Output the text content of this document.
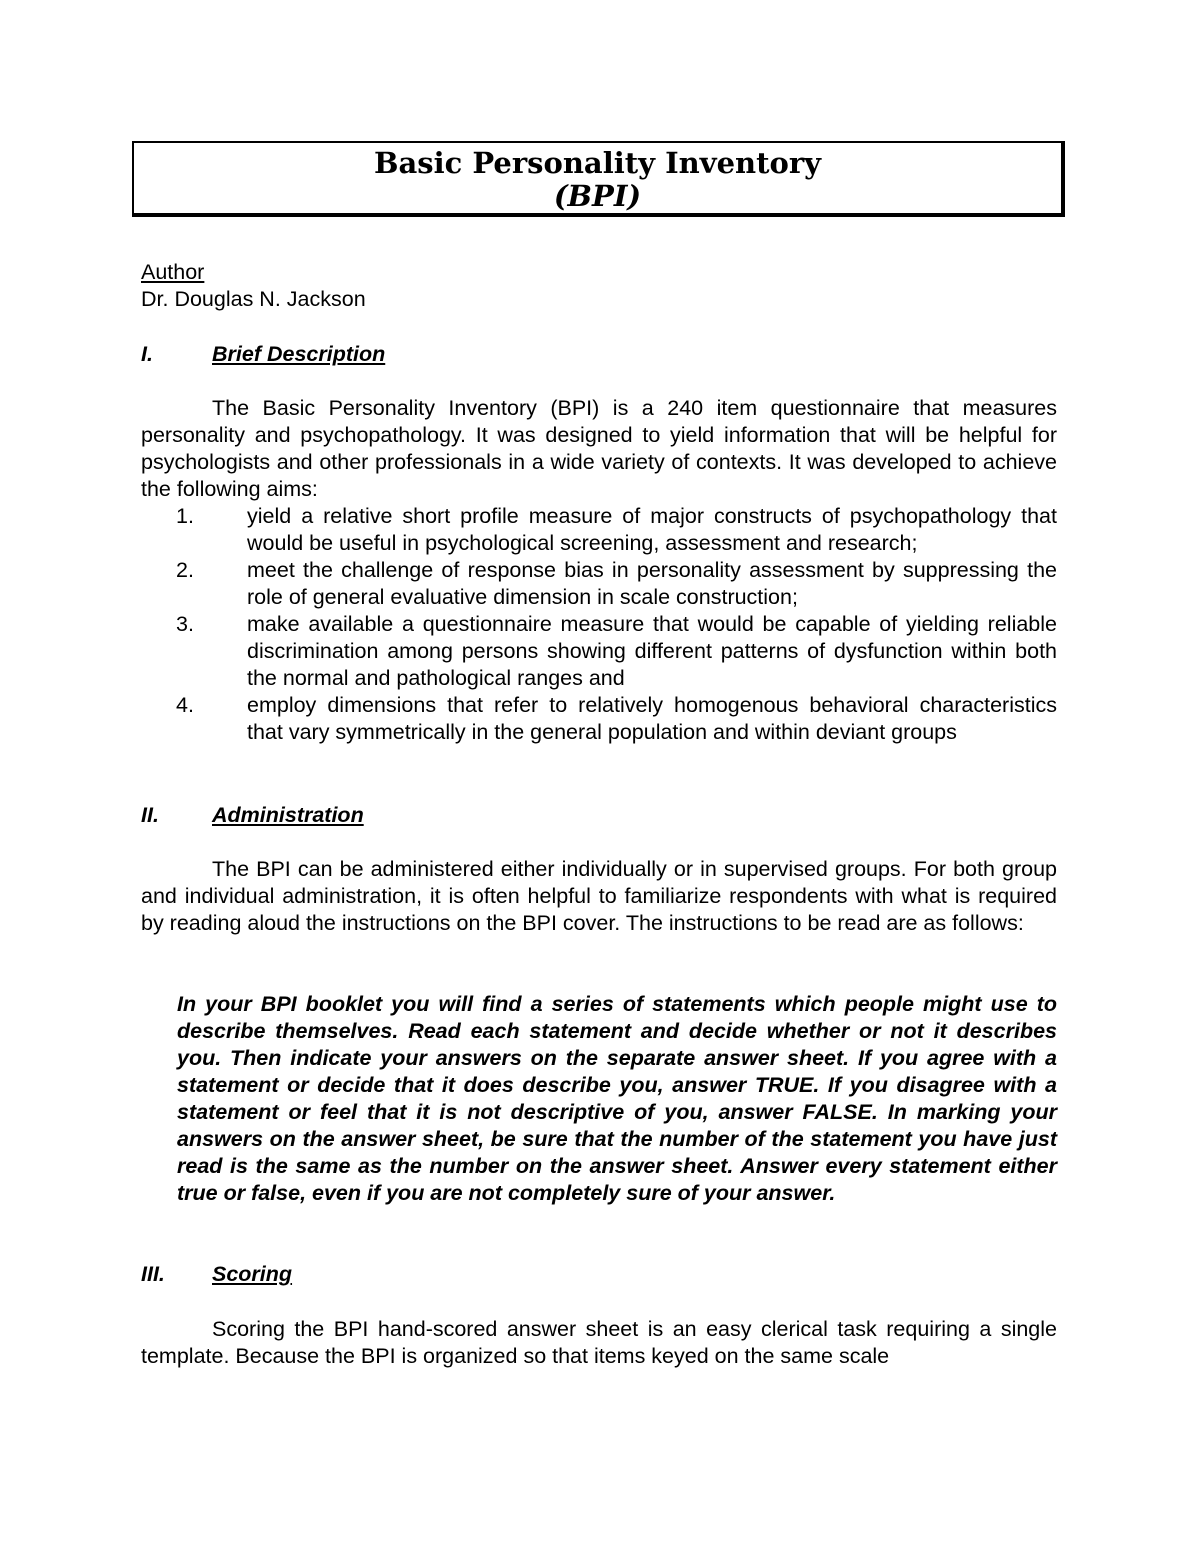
Basic Personality Inventory
(BPI)
Author
Dr. Douglas N. Jackson
I.	Brief Description

The Basic Personality Inventory (BPI) is a 240 item questionnaire that measures personality and psychopathology. It was designed to yield information that will be helpful for psychologists and other professionals in a wide variety of contexts. It was developed to achieve the following aims:

1. yield a relative short profile measure of major constructs of psychopathology that would be useful in psychological screening, assessment and research;
2. meet the challenge of response bias in personality assessment by suppressing the role of general evaluative dimension in scale construction;
3. make available a questionnaire measure that would be capable of yielding reliable discrimination among persons showing different patterns of dysfunction within both the normal and pathological ranges and
4. employ dimensions that refer to relatively homogenous behavioral characteristics that vary symmetrically in the general population and within deviant groups
II. Administration

The BPI can be administered either individually or in supervised groups. For both group and individual administration, it is often helpful to familiarize respondents with what is required by reading aloud the instructions on the BPI cover. The instructions to be read are as follows:

In your BPI booklet you will find a series of statements which people might use to describe themselves. Read each statement and decide whether or not it describes you. Then indicate your answers on the separate answer sheet. If you agree with a statement or decide that it does describe you, answer TRUE. If you disagree with a statement or feel that it is not descriptive of you, answer FALSE. In marking your answers on the answer sheet, be sure that the number of the statement you have just read is the same as the number on the answer sheet. Answer every statement either true or false, even if you are not completely sure of your answer.

III. Scoring

Scoring the BPI hand-scored answer sheet is an easy clerical task requiring a single template. Because the BPI is organized so that items keyed on the same scale
